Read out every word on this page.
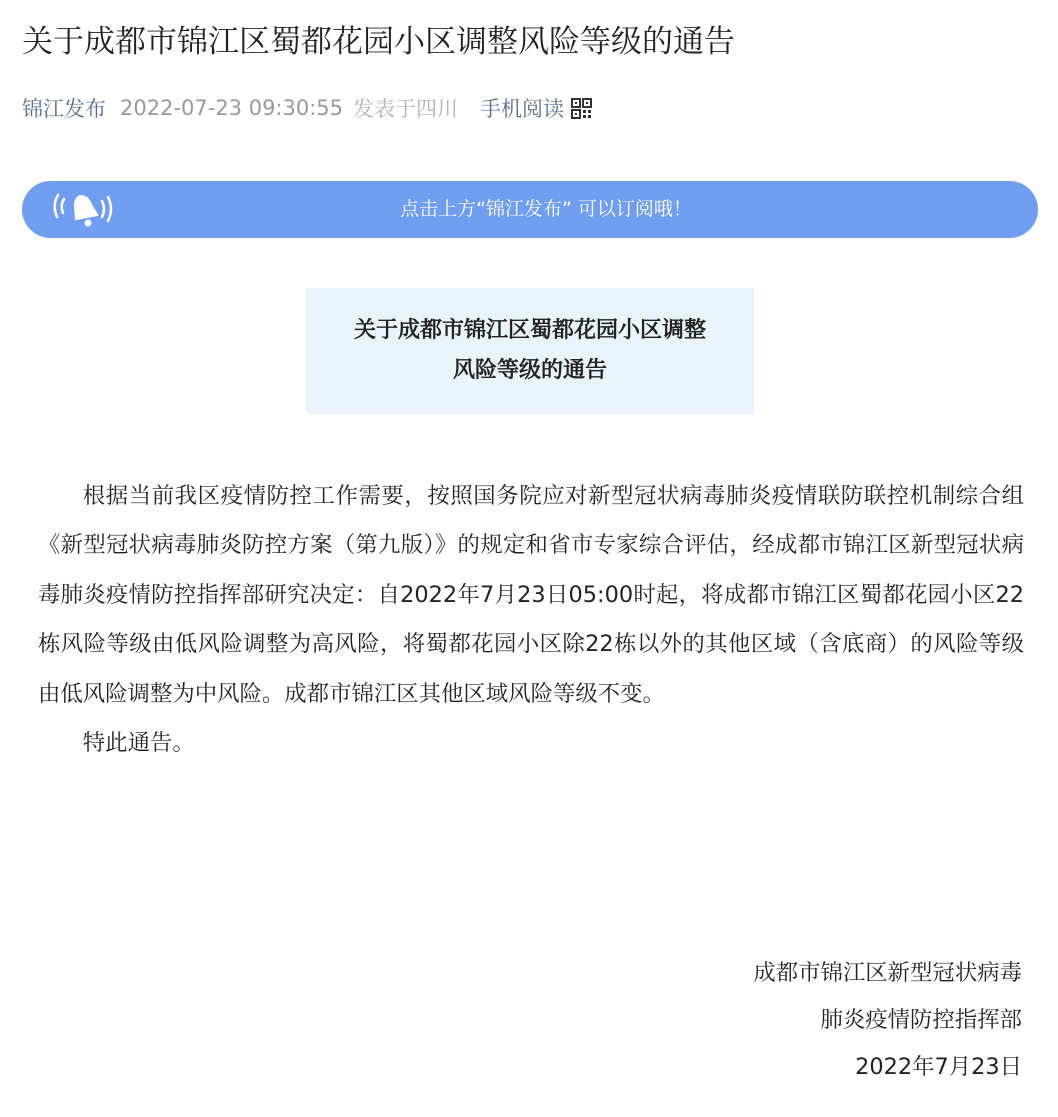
关于成都市锦江区蜀都花园小区调整风险等级的通告
锦江发布 2022-07-23 09:30:55 发表于四川 手机阅读
点击上方“锦江发布” 可以订阅哦！
关于成都市锦江区蜀都花园小区调整
风险等级的通告

根据当前我区疫情防控工作需要，按照国务院应对新型冠状病毒肺炎疫情联防联控机制综合组《新型冠状病毒肺炎防控方案（第九版）》的规定和省市专家综合评估，经成都市锦江区新型冠状病毒肺炎疫情防控指挥部研究决定：自2022年7月23日05:00时起，将成都市锦江区蜀都花园小区22栋风险等级由低风险调整为高风险，将蜀都花园小区除22栋以外的其他区域（含底商）的风险等级由低风险调整为中风险。成都市锦江区其他区域风险等级不变。

特此通告。

成都市锦江区新型冠状病毒
肺炎疫情防控指挥部
2022年7月23日
